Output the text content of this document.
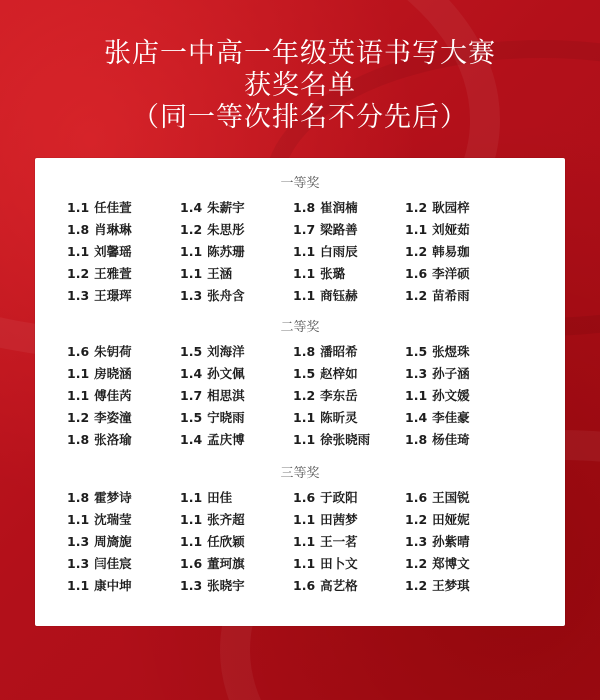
张店一中高一年级英语书写大赛
获奖名单
（同一等次排名不分先后）
一等奖
1.1 任佳萱	1.4 朱薪宇	1.8 崔润楠	1.2 耿园梓
1.8 肖琳琳	1.2 朱思彤	1.7 梁路善	1.1 刘娅茹
1.1 刘馨瑶	1.1 陈苏珊	1.1 白雨辰	1.2 韩易珈
1.2 王雅萱	1.1 王涵	1.1 张璐	1.6 李洋硕
1.3 王璟珲	1.3 张舟含	1.1 商钰赫	1.2 苗希雨
二等奖
1.6 朱钥荷	1.5 刘海洋	1.8 潘昭希	1.5 张煜珠
1.1 房晓涵	1.4 孙文佩	1.5 赵梓如	1.3 孙子涵
1.1 傅佳芮	1.7 相思淇	1.2 李东岳	1.1 孙文媛
1.2 李姿潼	1.5 宁晓雨	1.1 陈昕灵	1.4 李佳豪
1.8 张洛瑜	1.4 孟庆博	1.1 徐张晓雨	1.8 杨佳琦
三等奖
1.8 霍梦诗	1.1 田佳	1.6 于政阳	1.6 王国锐
1.1 沈瑞莹	1.1 张齐超	1.1 田茜梦	1.2 田娅妮
1.3 周旖旎	1.1 任欣颖	1.1 王一茗	1.3 孙紫晴
1.3 闫佳宸	1.6 董珂旗	1.1 田卜文	1.2 郑博文
1.1 康中坤	1.3 张晓宇	1.6 高艺格	1.2 王梦琪
